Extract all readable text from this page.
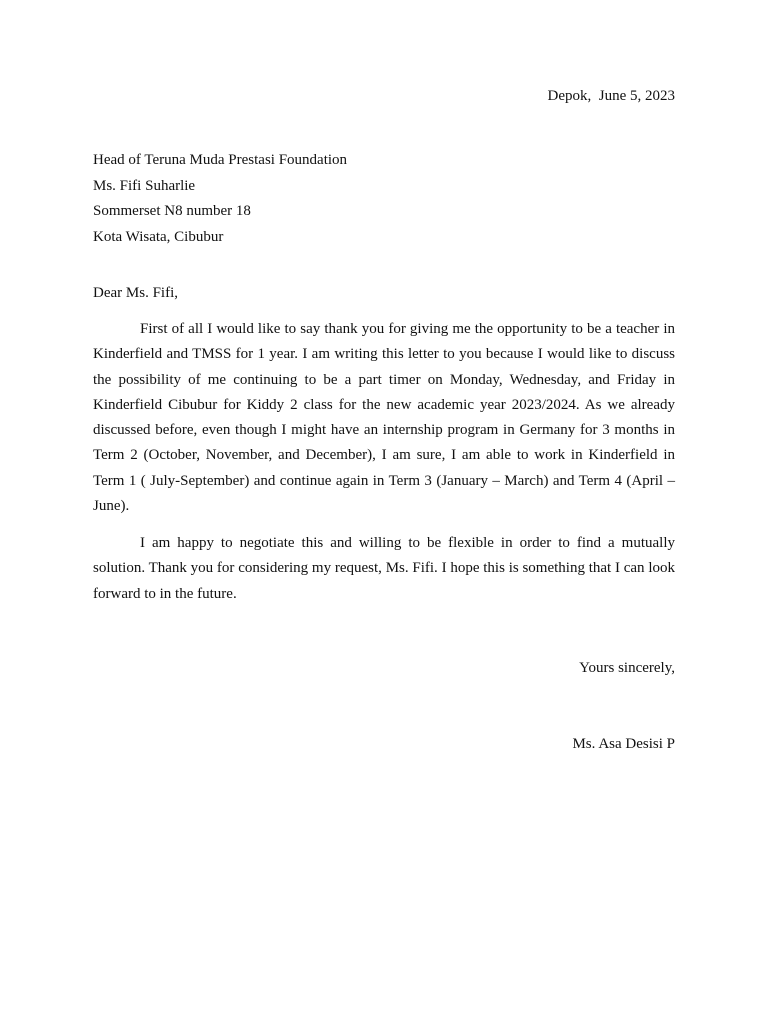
Depok,  June 5, 2023
Head of Teruna Muda Prestasi Foundation
Ms. Fifi Suharlie
Sommerset N8 number 18
Kota Wisata, Cibubur
Dear Ms. Fifi,

First of all I would like to say thank you for giving me the opportunity to be a teacher in Kinderfield and TMSS for 1 year. I am writing this letter to you because I would like to discuss the possibility of me continuing to be a part timer on Monday, Wednesday, and Friday in Kinderfield Cibubur for Kiddy 2 class for the new academic year 2023/2024. As we already discussed before, even though I might have an internship program in Germany for 3 months in Term 2 (October, November, and December), I am sure, I am able to work in Kinderfield in Term 1 ( July-September) and continue again in Term 3 (January – March) and Term 4 (April –June).

I am happy to negotiate this and willing to be flexible in order to find a mutually solution. Thank you for considering my request, Ms. Fifi. I hope this is something that I can look forward to in the future.

Yours sincerely,
Ms. Asa Desisi P
